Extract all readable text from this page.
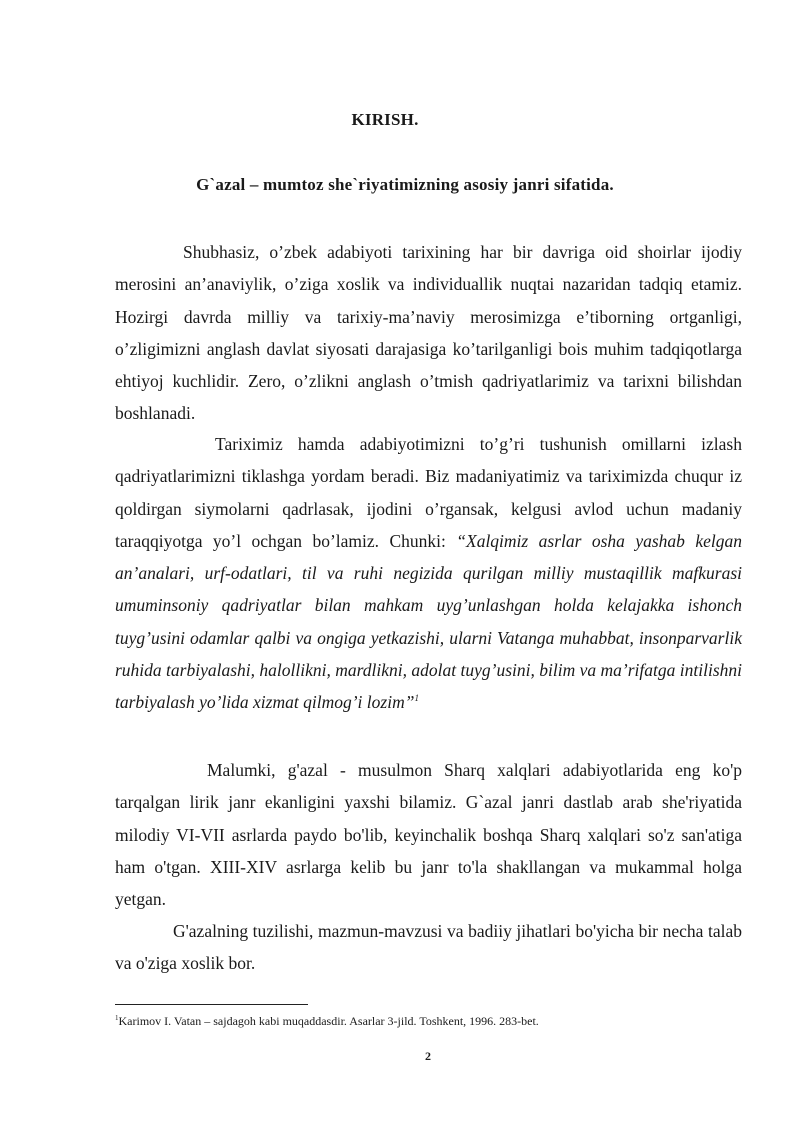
KIRISH.
G`azal – mumtoz she`riyatimizning asosiy janri sifatida.

Shubhasiz, o’zbek adabiyoti tarixining har bir davriga oid shoirlar ijodiy merosini an’anaviylik, o’ziga xoslik va individuallik nuqtai nazaridan tadqiq etamiz. Hozirgi davrda milliy va tarixiy-ma’naviy merosimizga e’tiborning ortganligi, o’zligimizni anglash davlat siyosati darajasiga ko’tarilganligi bois muhim tadqiqotlarga ehtiyoj kuchlidir. Zero, o’zlikni anglash o’tmish qadriyatlarimiz va tarixni bilishdan boshlanadi.

Tariximiz hamda adabiyotimizni to’g’ri tushunish omillarni izlash qadriyatlarimizni tiklashga yordam beradi. Biz madaniyatimiz va tariximizda chuqur iz qoldirgan siymolarni qadrlasak, ijodini o’rgansak, kelgusi avlod uchun madaniy taraqqiyotga yo’l ochgan bo’lamiz. Chunki: “Xalqimiz asrlar osha yashab kelgan an’analari, urf-odatlari, til va ruhi negizida qurilgan milliy mustaqillik mafkurasi umuminsoniy qadriyatlar bilan mahkam uyg’unlashgan holda kelajakka ishonch tuyg’usini odamlar qalbi va ongiga yetkazishi, ularni Vatanga muhabbat, insonparvarlik ruhida tarbiyalashi, halollikni, mardlikni, adolat tuyg’usini, bilim va ma’rifatga intilishni tarbiyalash yo’lida xizmat qilmog’i lozim”$^1$

Malumki, g'azal - musulmon Sharq xalqlari adabiyotlarida eng ko'p tarqalgan lirik janr ekanligini yaxshi bilamiz. G`azal janri dastlab arab she'riyatida milodiy VI-VII asrlarda paydo bo'lib, keyinchalik boshqa Sharq xalqlari so'z san'atiga ham o'tgan. XIII-XIV asrlarga kelib bu janr to'la shakllangan va mukammal holga yetgan.

G'azalning tuzilishi, mazmun-mavzusi va badiiy jihatlari bo'yicha bir necha talab va o'ziga xoslik bor.

$^1$Karimov I. Vatan – sajdagoh kabi muqaddasdir. Asarlar 3-jild. Toshkent, 1996. 283-bet.
2
